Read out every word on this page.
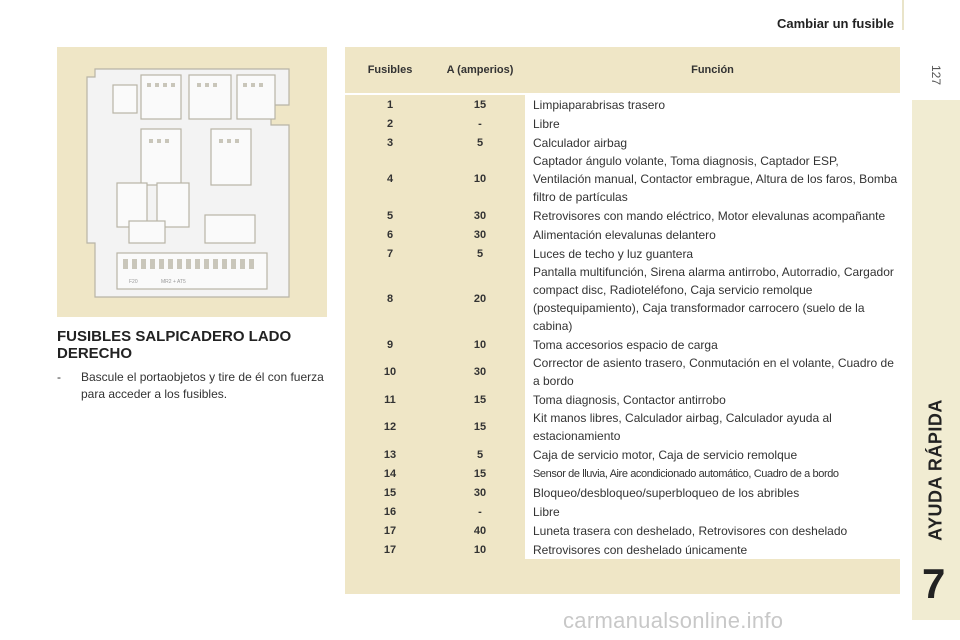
Cambiar un fusible
127
AYUDA RÁPIDA
7
F20	MR2 + AT5
FUSIBLES SALPICADERO LADO DERECHO
-	Bascule el portaobjetos y tire de él con fuerza para acceder a los fusibles.
Fusibles	A (amperios)	Función

1	15	Limpiaparabrisas trasero
2	-	Libre
3	5	Calculador airbag
4	10	Captador ángulo volante, Toma diagnosis, Captador ESP, Ventilación manual, Contactor embrague, Altura de los faros, Bomba filtro de partículas
5	30	Retrovisores con mando eléctrico, Motor elevalunas acompañante
6	30	Alimentación elevalunas delantero
7	5	Luces de techo y luz guantera
8	20	Pantalla multifunción, Sirena alarma antirrobo, Autorradio, Cargador compact disc, Radioteléfono, Caja servicio remolque (postequipamiento), Caja transformador carrocero (suelo de la cabina)
9	10	Toma accesorios espacio de carga
10	30	Corrector de asiento trasero, Conmutación en el volante, Cuadro de a bordo
11	15	Toma diagnosis, Contactor antirrobo
12	15	Kit manos libres, Calculador airbag, Calculador ayuda al estacionamiento
13	5	Caja de servicio motor, Caja de servicio remolque
14	15	Sensor de lluvia, Aire acondicionado automático, Cuadro de a bordo
15	30	Bloqueo/desbloqueo/superbloqueo de los abribles
16	-	Libre
17	40	Luneta trasera con deshelado, Retrovisores con deshelado
17	10	Retrovisores con deshelado únicamente
carmanualsonline.info
